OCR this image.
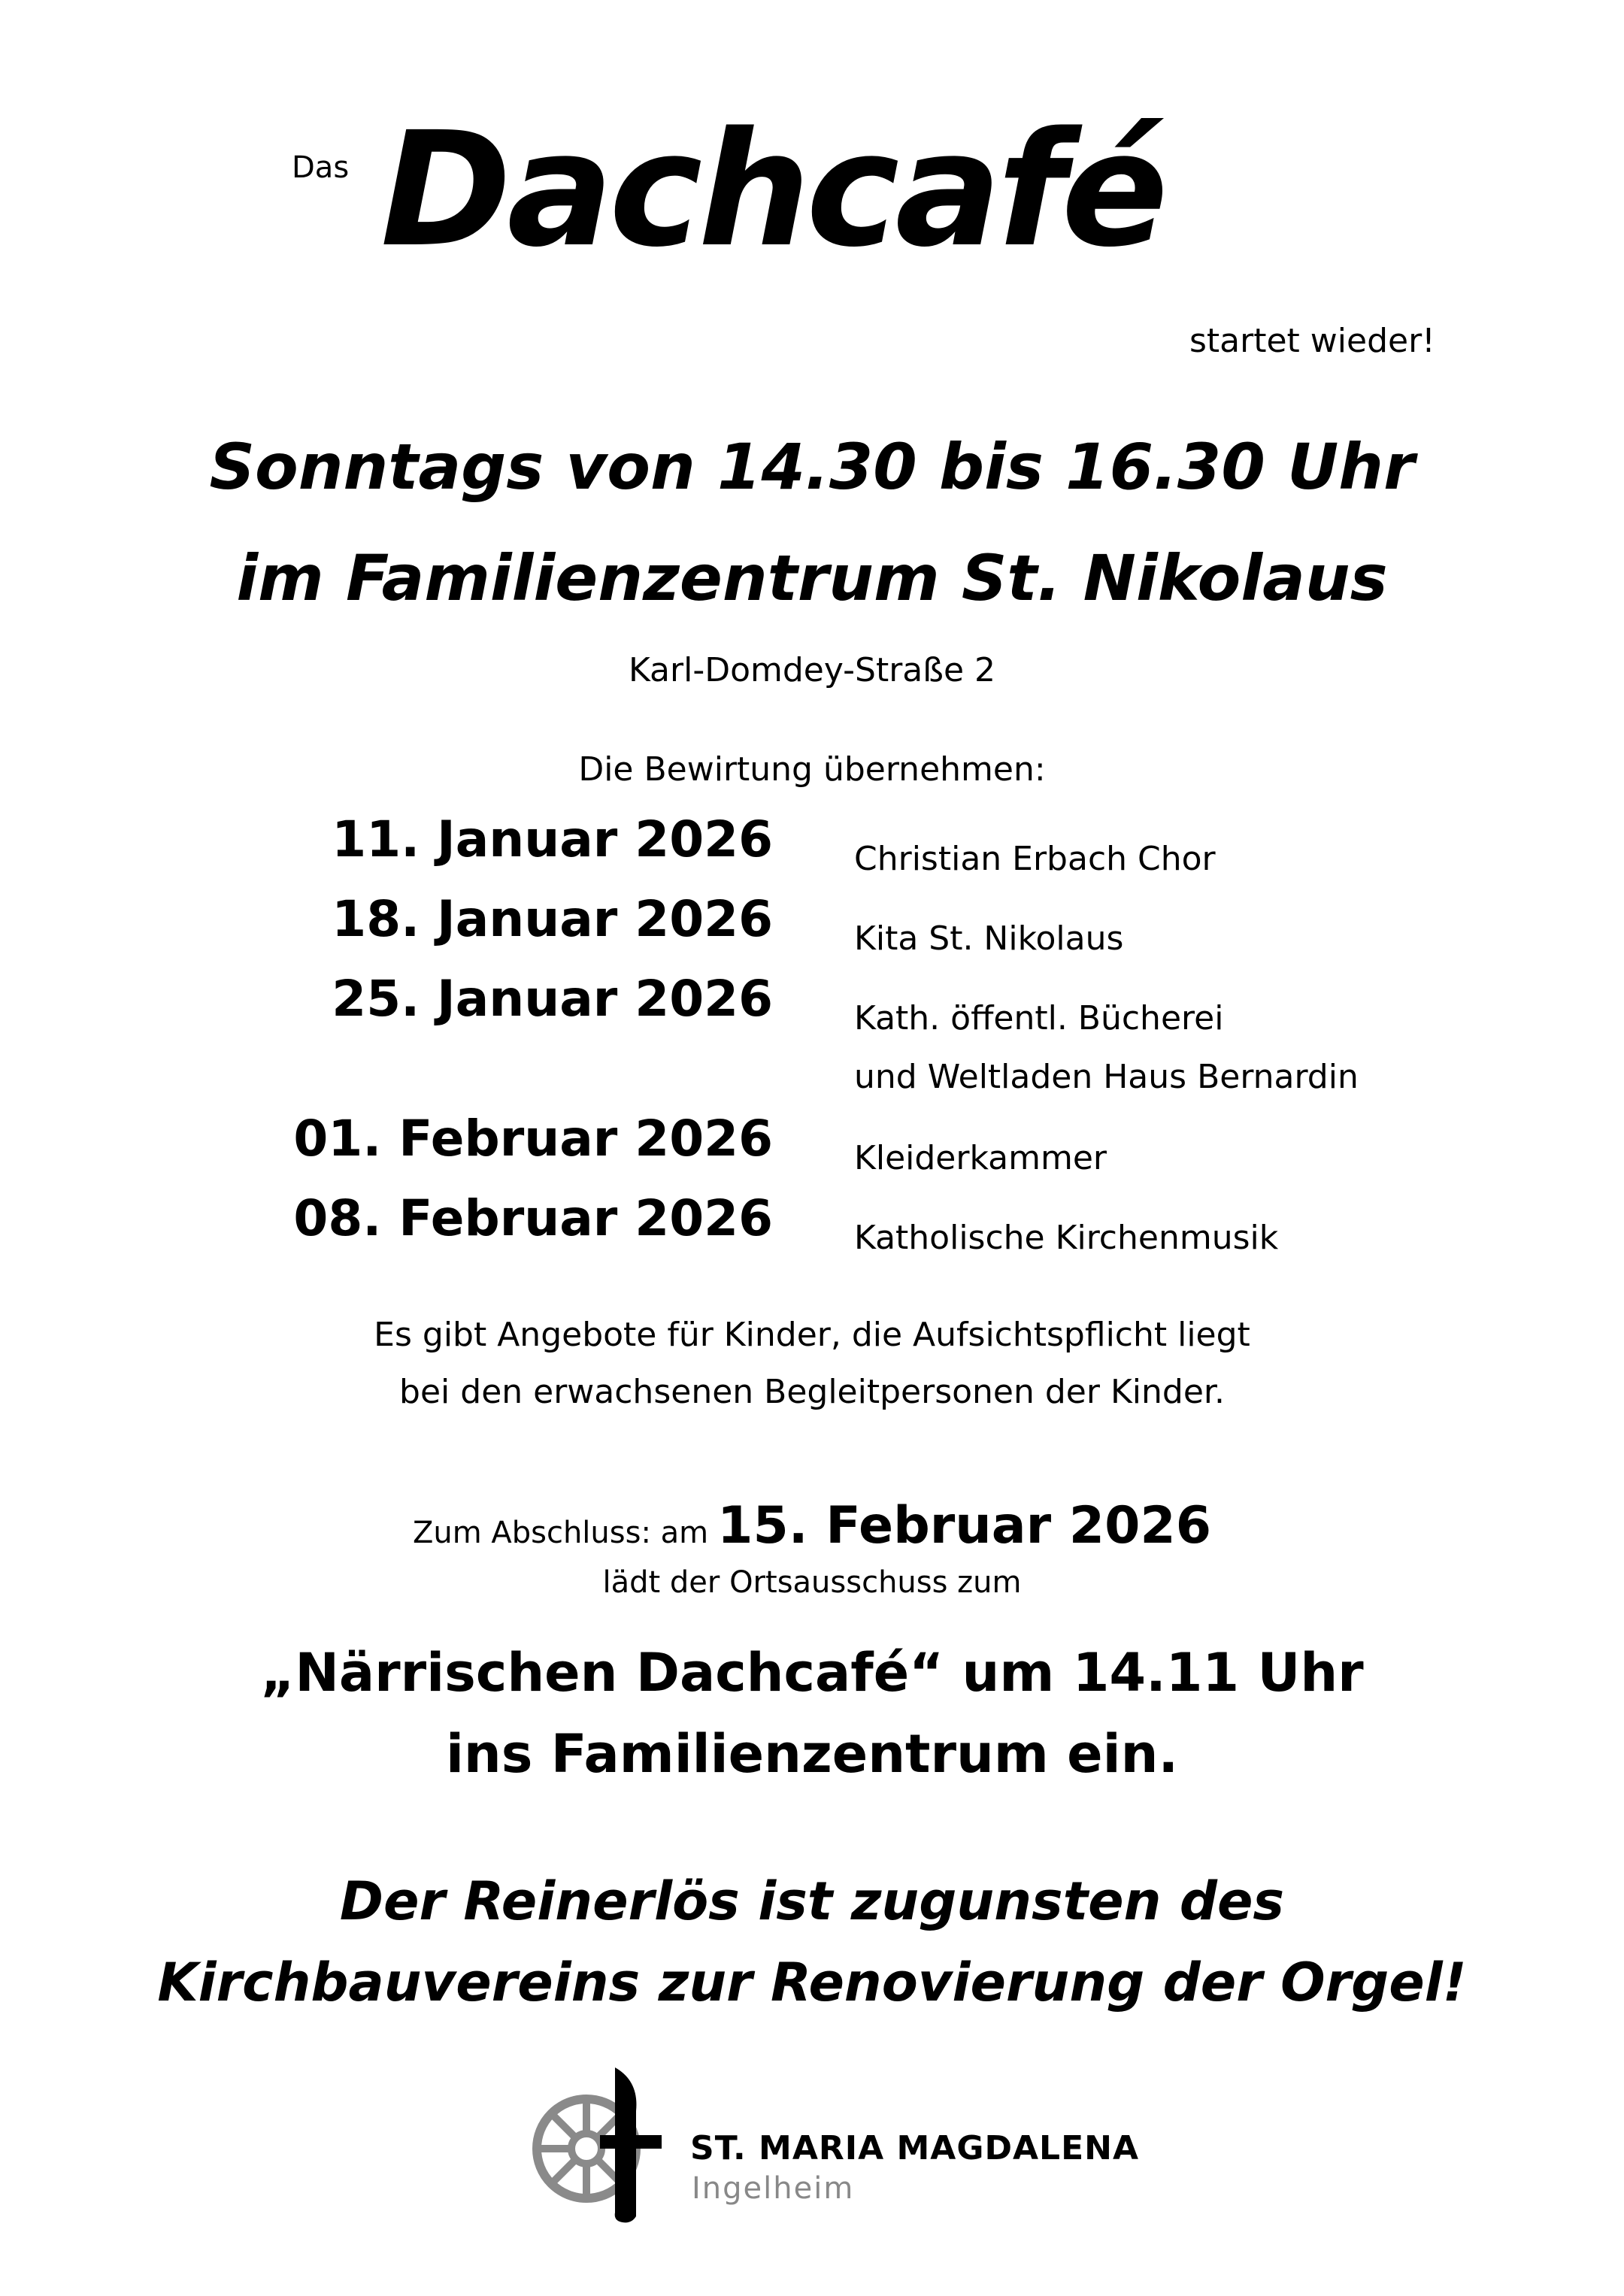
Das Dachcafé
startet wieder!
Sonntags von 14.30 bis 16.30 Uhr
im Familienzentrum St. Nikolaus
Karl-Domdey-Straße 2
Die Bewirtung übernehmen:
11. Januar 2026 Christian Erbach Chor
18. Januar 2026 Kita St. Nikolaus
25. Januar 2026 Kath. öffentl. Bücherei
und Weltladen Haus Bernardin
01. Februar 2026 Kleiderkammer
08. Februar 2026 Katholische Kirchenmusik
Es gibt Angebote für Kinder, die Aufsichtspflicht liegt
bei den erwachsenen Begleitpersonen der Kinder.
Zum Abschluss: am 15. Februar 2026
lädt der Ortsausschuss zum
„Närrischen Dachcafé“ um 14.11 Uhr
ins Familienzentrum ein.
Der Reinerlös ist zugunsten des
Kirchbauvereins zur Renovierung der Orgel!
ST. MARIA MAGDALENA
Ingelheim
